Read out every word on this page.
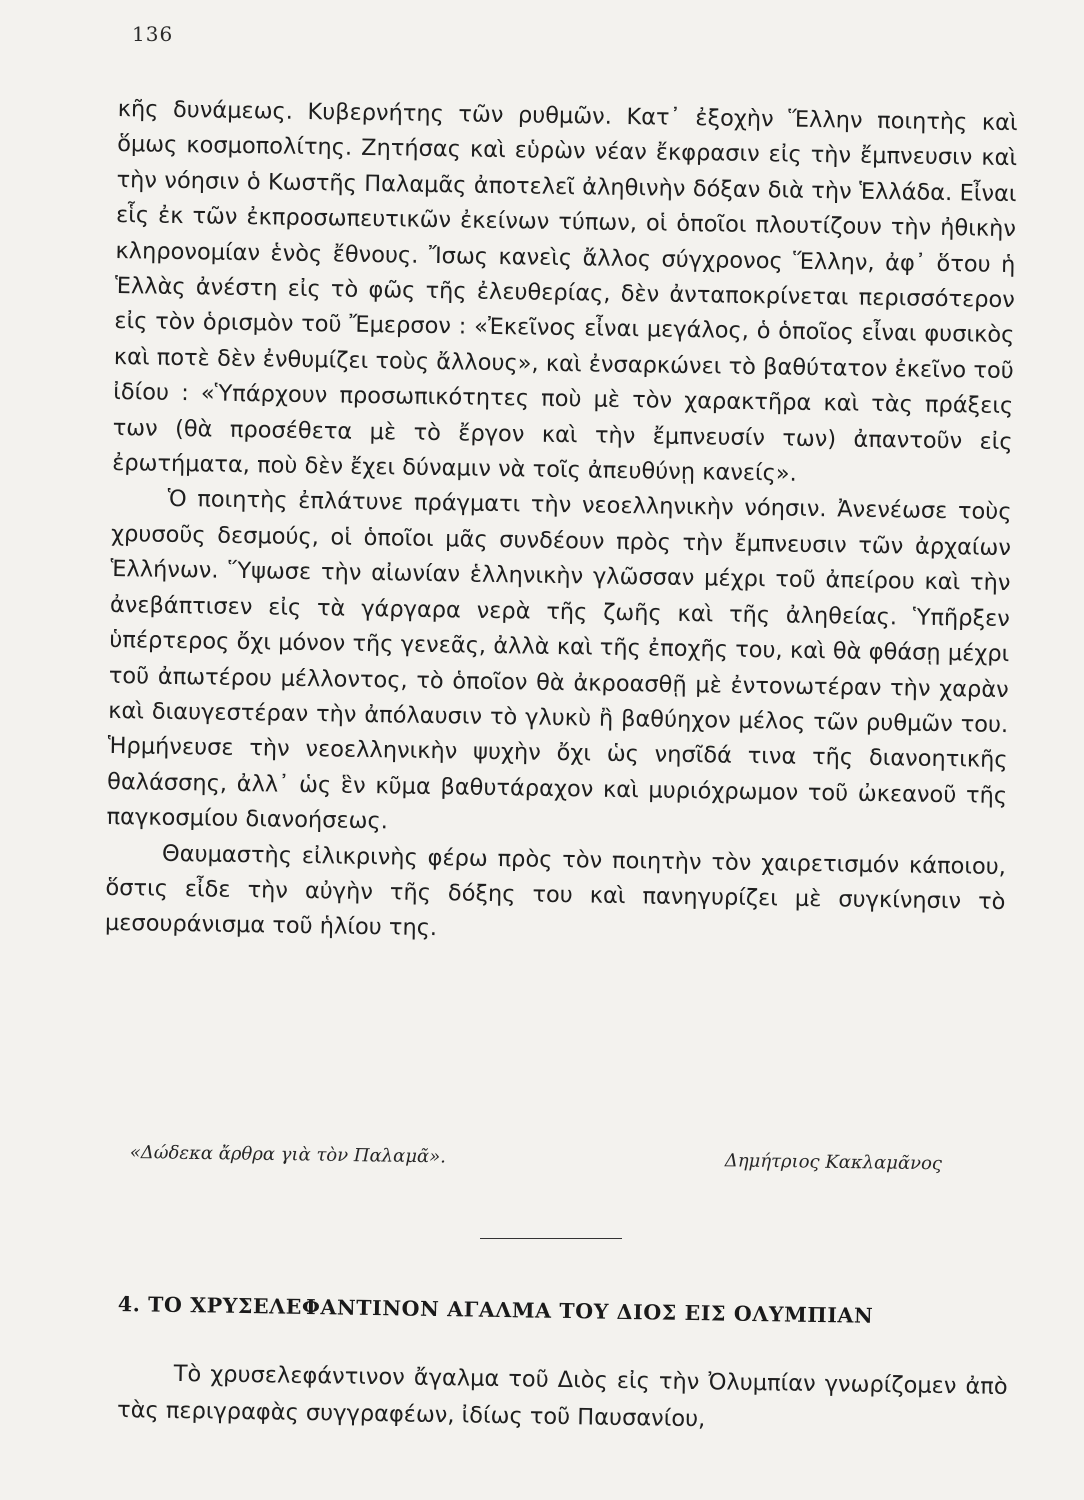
136

κῆς δυνάμεως. Κυβερνήτης τῶν ρυθμῶν. Κατ᾿ ἐξοχὴν Ἕλλην ποιητὴς καὶ ὅμως κοσμοπολίτης. Ζητήσας καὶ εὑρὼν νέαν ἔκφρασιν εἰς τὴν ἔμπνευσιν καὶ τὴν νόησιν ὁ Κωστῆς Παλαμᾶς ἀποτελεῖ ἀληθινὴν δόξαν διὰ τὴν Ἑλλάδα. Εἶναι εἷς ἐκ τῶν ἐκπροσωπευτικῶν ἐκείνων τύπων, οἱ ὁποῖοι πλουτίζουν τὴν ἠθικὴν κληρονομίαν ἑνὸς ἔθνους. Ἴσως κανεὶς ἄλλος σύγχρονος Ἕλλην, ἀφ᾿ ὅτου ἡ Ἑλλὰς ἀνέστη εἰς τὸ φῶς τῆς ἐλευθερίας, δὲν ἀνταποκρίνεται περισσότερον εἰς τὸν ὁρισμὸν τοῦ Ἔμερσον : «Ἐκεῖνος εἶναι μεγάλος, ὁ ὁποῖος εἶναι φυσικὸς καὶ ποτὲ δὲν ἐνθυμίζει τοὺς ἄλλους», καὶ ἐνσαρκώνει τὸ βαθύτατον ἐκεῖνο τοῦ ἰδίου : «Ὑπάρχουν προσωπικότητες ποὺ μὲ τὸν χαρακτῆρα καὶ τὰς πράξεις των (θὰ προσέθετα μὲ τὸ ἔργον καὶ τὴν ἔμπνευσίν των) ἀπαντοῦν εἰς ἐρωτήματα, ποὺ δὲν ἔχει δύναμιν νὰ τοῖς ἀπευθύνῃ κανείς».

Ὁ ποιητὴς ἐπλάτυνε πράγματι τὴν νεοελληνικὴν νόησιν. Ἀνενέωσε τοὺς χρυσοῦς δεσμούς, οἱ ὁποῖοι μᾶς συνδέουν πρὸς τὴν ἔμπνευσιν τῶν ἀρχαίων Ἑλλήνων. Ὕψωσε τὴν αἰωνίαν ἑλληνικὴν γλῶσσαν μέχρι τοῦ ἀπείρου καὶ τὴν ἀνεβάπτισεν εἰς τὰ γάργαρα νερὰ τῆς ζωῆς καὶ τῆς ἀληθείας. Ὑπῆρξεν ὑπέρτερος ὄχι μόνον τῆς γενεᾶς, ἀλλὰ καὶ τῆς ἐποχῆς του, καὶ θὰ φθάσῃ μέχρι τοῦ ἀπωτέρου μέλλοντος, τὸ ὁποῖον θὰ ἀκροασθῇ μὲ ἐντονωτέραν τὴν χαρὰν καὶ διαυγεστέραν τὴν ἀπόλαυσιν τὸ γλυκὺ ἢ βαθύηχον μέλος τῶν ρυθμῶν του. Ἡρμήνευσε τὴν νεοελληνικὴν ψυχὴν ὄχι ὡς νησῖδά τινα τῆς διανοητικῆς θαλάσσης, ἀλλ᾿ ὡς ἓν κῦμα βαθυτάραχον καὶ μυριόχρωμον τοῦ ὠκεανοῦ τῆς παγκοσμίου διανοήσεως.

Θαυμαστὴς εἰλικρινὴς φέρω πρὸς τὸν ποιητὴν τὸν χαιρετισμόν κάποιου, ὅστις εἶδε τὴν αὐγὴν τῆς δόξης του καὶ πανηγυρίζει μὲ συγκίνησιν τὸ μεσουράνισμα τοῦ ἡλίου της.

«Δώδεκα ἄρθρα γιὰ τὸν Παλαμᾶ».	Δημήτριος Κακλαμᾶνος
4. ΤΟ ΧΡΥΣΕΛΕΦΑΝΤΙΝΟΝ ΑΓΑΛΜΑ ΤΟΥ ΔΙΟΣ ΕΙΣ ΟΛΥΜΠΙΑΝ

Τὸ χρυσελεφάντινον ἄγαλμα τοῦ Διὸς εἰς τὴν Ὀλυμπίαν γνωρίζομεν ἀπὸ τὰς περιγραφὰς συγγραφέων, ἰδίως τοῦ Παυσανίου,
